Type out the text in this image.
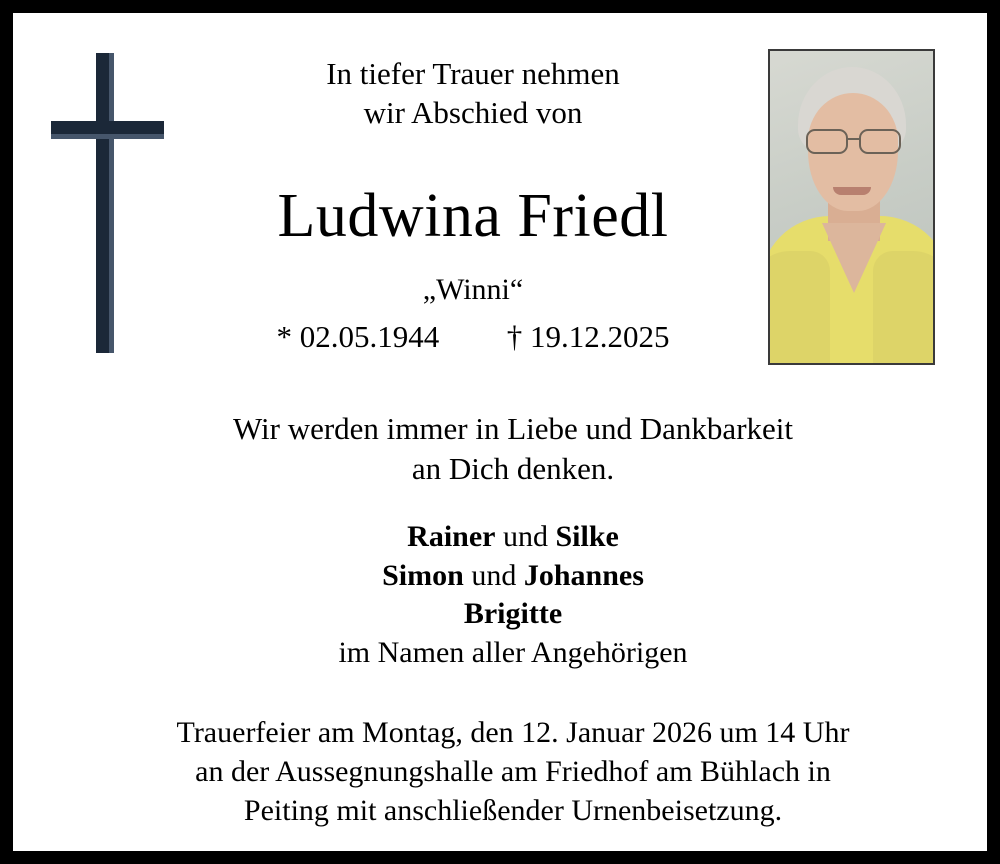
In tiefer Trauer nehmen
wir Abschied von
Ludwina Friedl
„Winni“
* 02.05.1944 † 19.12.2025
Wir werden immer in Liebe und Dankbarkeit
an Dich denken.
Rainer und Silke
Simon und Johannes
Brigitte
im Namen aller Angehörigen
Trauerfeier am Montag, den 12. Januar 2026 um 14 Uhr
an der Aussegnungshalle am Friedhof am Bühlach in
Peiting mit anschließender Urnenbeisetzung.
